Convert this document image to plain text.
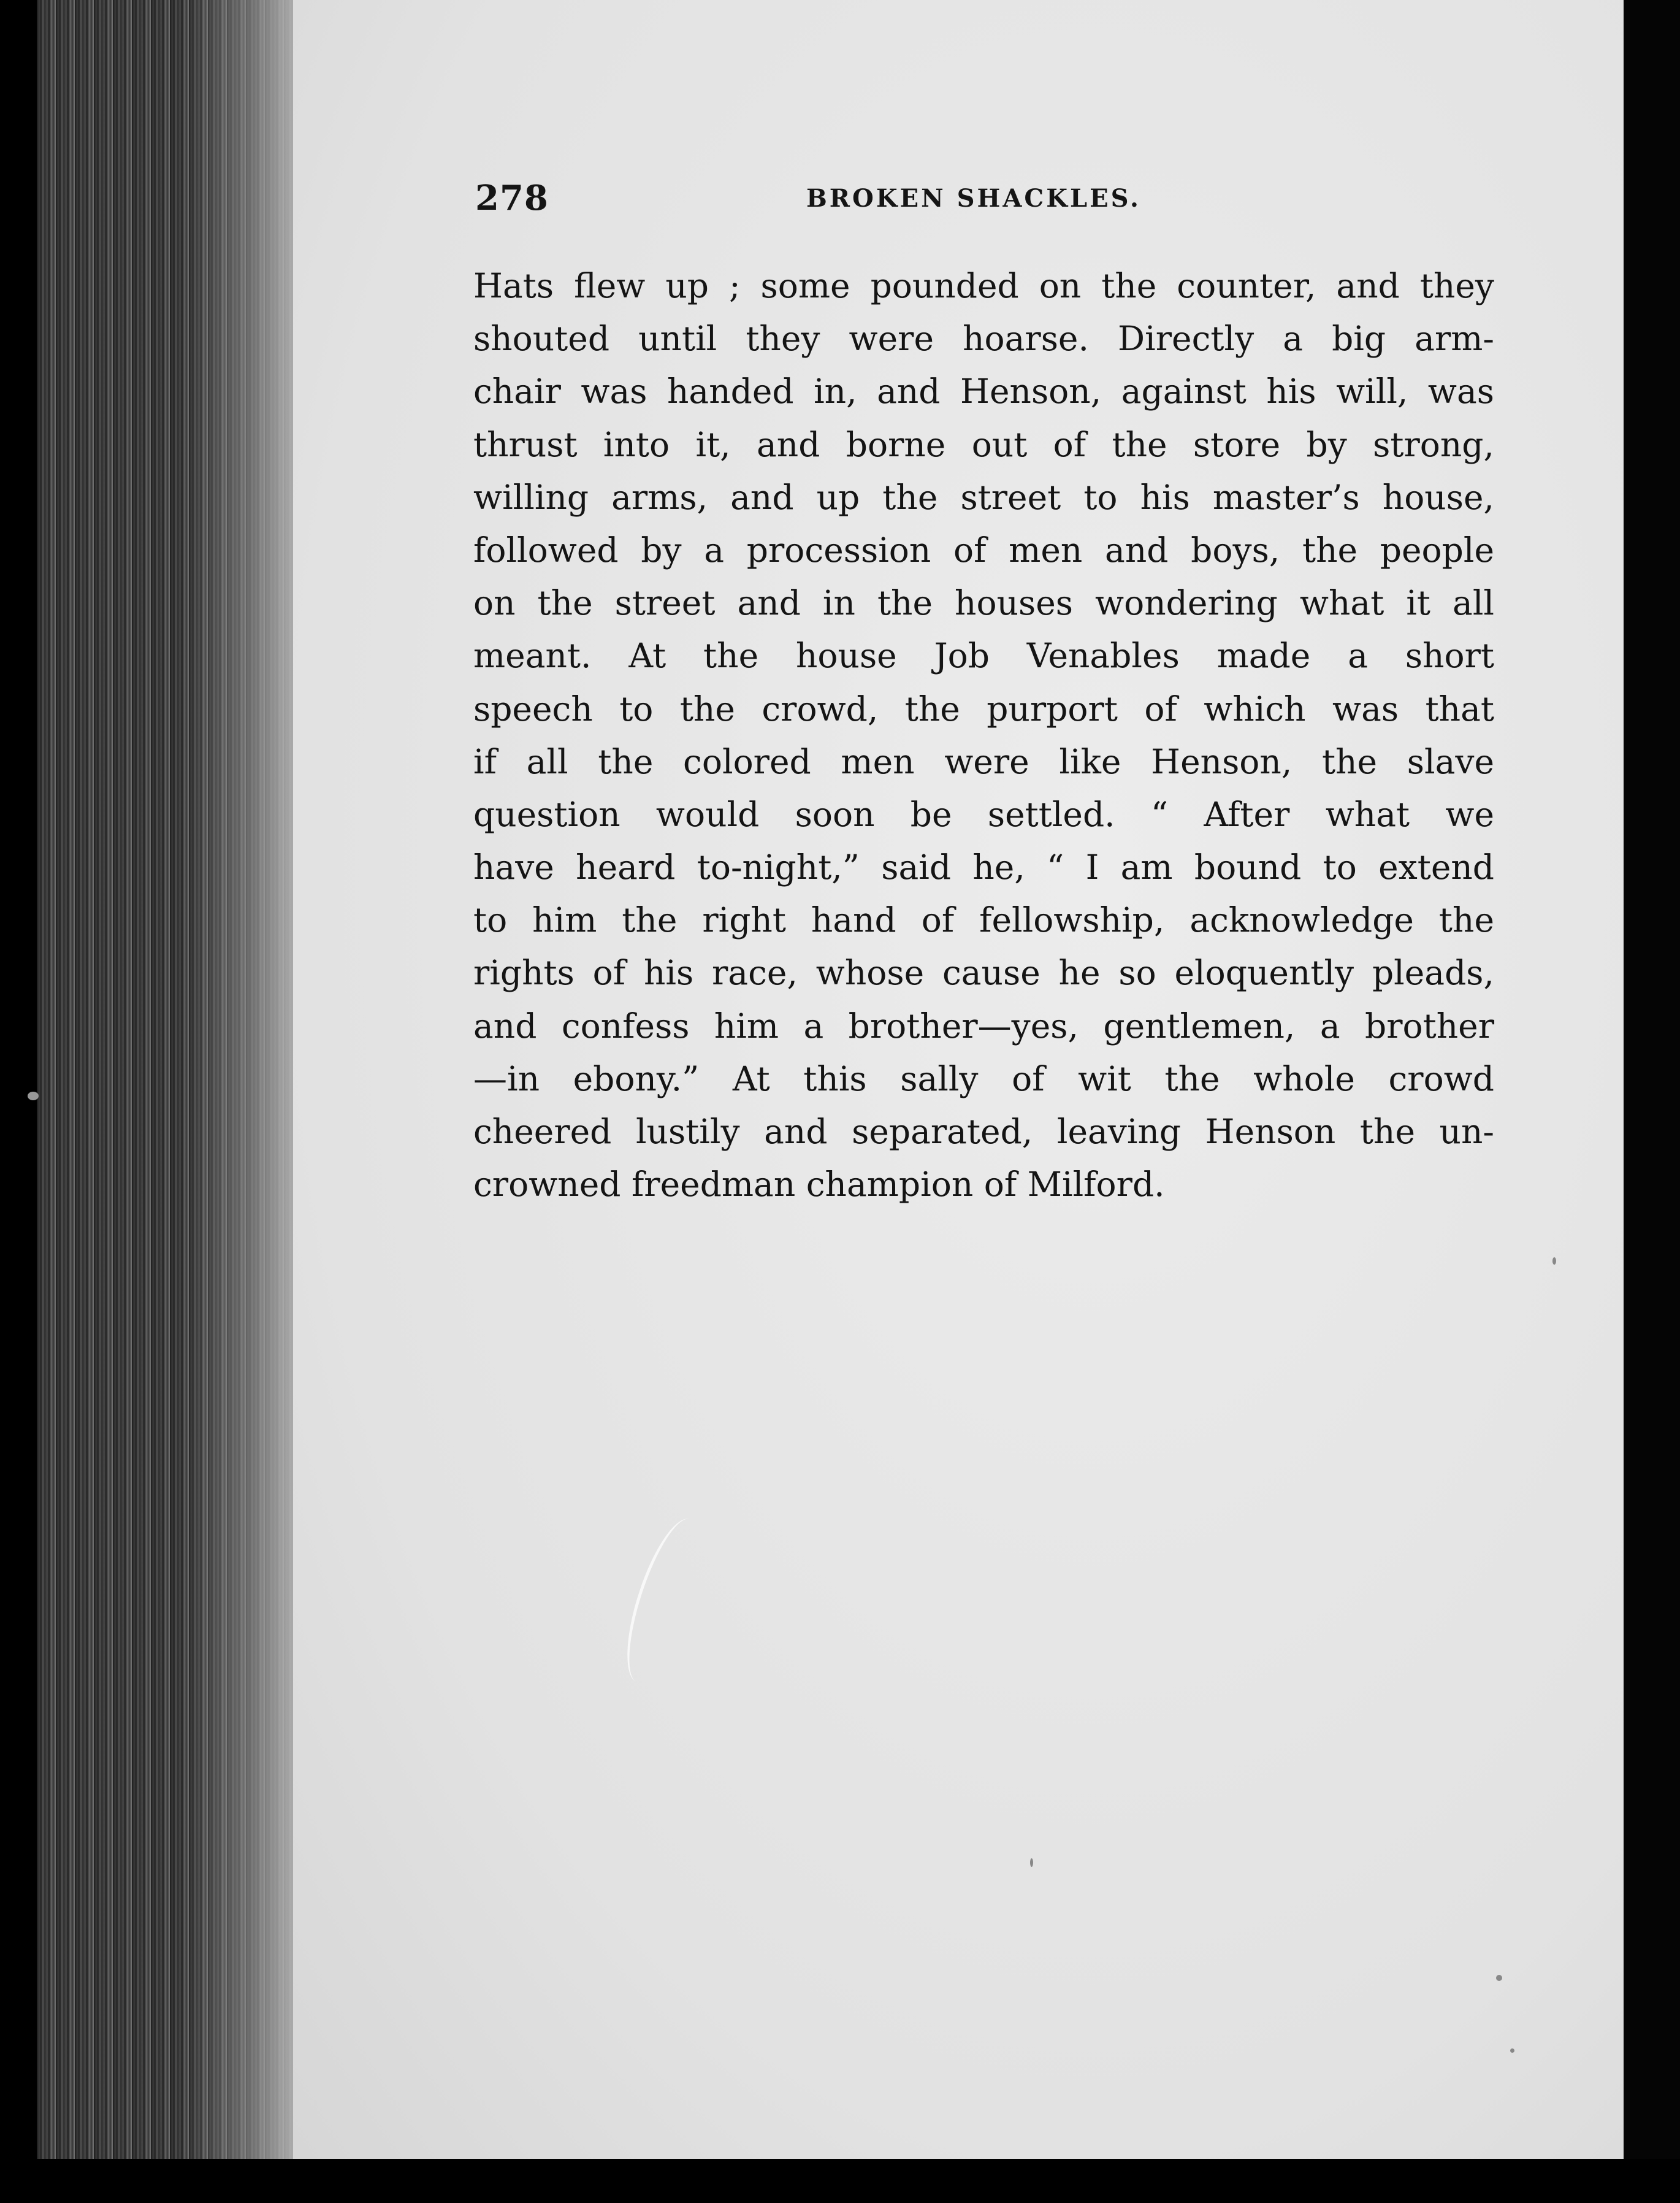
278	BROKEN SHACKLES.
Hats flew up ; some pounded on the counter, and they
shouted until they were hoarse. Directly a big arm-
chair was handed in, and Henson, against his will, was
thrust into it, and borne out of the store by strong,
willing arms, and up the street to his master’s house,
followed by a procession of men and boys, the people
on the street and in the houses wondering what it all
meant. At the house Job Venables made a short
speech to the crowd, the purport of which was that
if all the colored men were like Henson, the slave
question would soon be settled. “ After what we
have heard to-night,” said he, “ I am bound to extend
to him the right hand of fellowship, acknowledge the
rights of his race, whose cause he so eloquently pleads,
and confess him a brother—yes, gentlemen, a brother
—in ebony.” At this sally of wit the whole crowd
cheered lustily and separated, leaving Henson the un-
crowned freedman champion of Milford.
